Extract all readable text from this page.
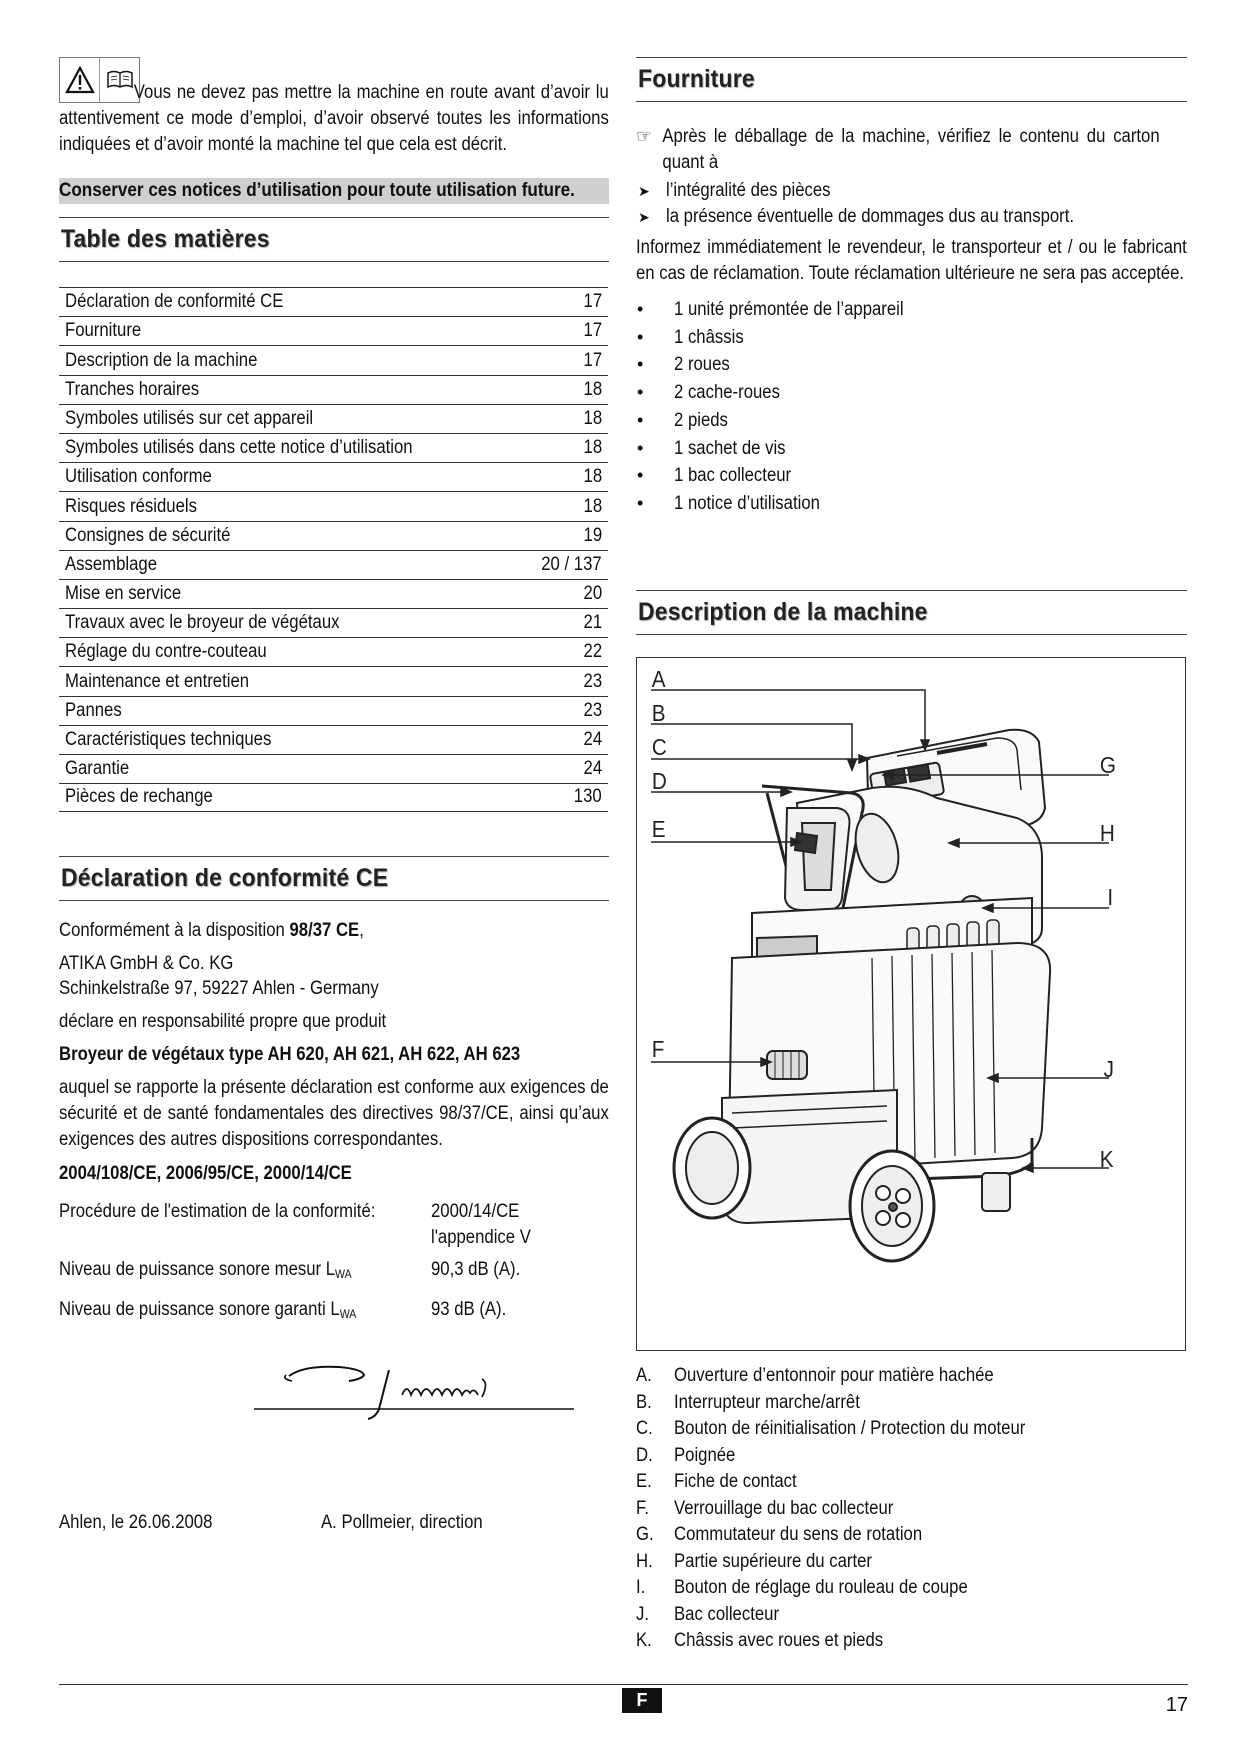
Vous ne devez pas mettre la machine en route avant d’avoir lu attentivement ce mode d’emploi, d’avoir observé toutes les informations indiquées et d’avoir monté la machine tel que cela est décrit.
Conserver ces notices d’utilisation pour toute utilisation future.
Table des matières
Déclaration de conformité CE	17
Fourniture	17
Description de la machine	17
Tranches horaires	18
Symboles utilisés sur cet appareil	18
Symboles utilisés dans cette notice d’utilisation	18
Utilisation conforme	18
Risques résiduels	18
Consignes de sécurité	19
Assemblage	20 / 137
Mise en service	20
Travaux avec le broyeur de végétaux	21
Réglage du contre-couteau	22
Maintenance et entretien	23
Pannes	23
Caractéristiques techniques	24
Garantie	24
Pièces de rechange	130
Déclaration de conformité CE

Conformément à la disposition 98/37 CE,

ATIKA GmbH & Co. KG

Schinkelstraße 97, 59227 Ahlen - Germany

déclare en responsabilité propre que produit

Broyeur de végétaux type AH 620, AH 621, AH 622, AH 623

auquel se rapporte la présente déclaration est conforme aux exigences de sécurité et de santé fondamentales des directives 98/37/CE, ainsi qu’aux exigences des autres dispositions correspondantes.

2004/108/CE, 2006/95/CE, 2000/14/CE

Procédure de l'estimation de la conformité:	2000/14/CE
l'appendice V
Niveau de puissance sonore mesur $L_{WA}$	90,3 dB (A).
Niveau de puissance sonore garanti $L_{WA}$	93 dB (A).
Ahlen, le 26.06.2008	A. Pollmeier, direction
Fourniture
☞ Après le déballage de la machine, vérifiez le contenu du carton quant à
➤ l’intégralité des pièces
➤ la présence éventuelle de dommages dus au transport.
Informez immédiatement le revendeur, le transporteur et / ou le fabricant en cas de réclamation. Toute réclamation ultérieure ne sera pas acceptée.
• 1 unité prémontée de l’appareil
• 1 châssis
• 2 roues
• 2 cache-roues
• 2 pieds
• 1 sachet de vis
• 1 bac collecteur
• 1 notice d’utilisation
Description de la machine
A
B
C
D
E
F
G
H
I
J
K
A.	Ouverture d’entonnoir pour matière hachée
B.	Interrupteur marche/arrêt
C.	Bouton de réinitialisation / Protection du moteur
D.	Poignée
E.	Fiche de contact
F.	Verrouillage du bac collecteur
G.	Commutateur du sens de rotation
H.	Partie supérieure du carter
I.	Bouton de réglage du rouleau de coupe
J.	Bac collecteur
K.	Châssis avec roues et pieds
F	17
